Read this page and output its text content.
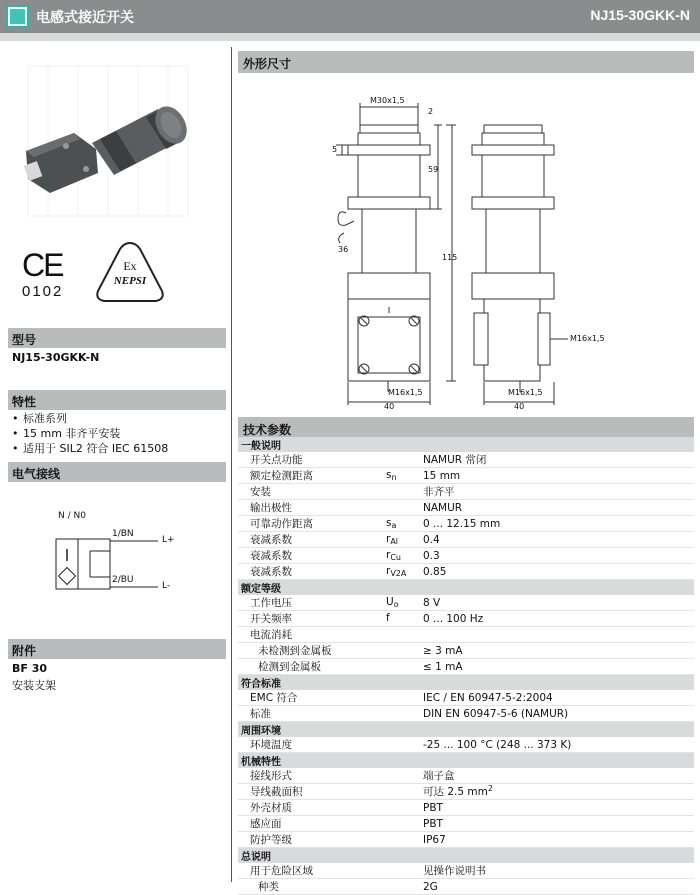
电感式接近开关	NJ15-30GKK-N
CE
0102
Ex
NEPSI
型号
NJ15-30GKK-N
特性
• 标准系列
• 15 mm 非齐平安装
• 适用于 SIL2 符合 IEC 61508
电气接线
N / N0
1/BN
2/BU
L+
L-
附件
BF 30
安装支架
外形尺寸
M30x1,5
2
5
59
36
115
M16x1,5
M16x1,5
M16x1,5
40	40
技术参数
一般说明		
开关点功能		NAMUR 常闭
额定检测距离	$s_n$	15 mm
安装		非齐平
输出极性		NAMUR
可靠动作距离	$s_a$	0 ... 12.15 mm
衰减系数	$r_{Al}$	0.4
衰减系数	$r_{Cu}$	0.3
衰减系数	$r_{V2A}$	0.85
额定等级		
工作电压	$U_o$	8 V
开关频率	f	0 ... 100 Hz
电流消耗		
未检测到金属板		≥ 3 mA
检测到金属板		≤ 1 mA
符合标准		
EMC 符合		IEC / EN 60947-5-2:2004
标准		DIN EN 60947-5-6 (NAMUR)
周围环境		
环境温度		-25 ... 100 °C (248 ... 373 K)
机械特性		
接线形式		端子盒
导线截面积		可达 2.5 $mm^2$
外壳材质		PBT
感应面		PBT
防护等级		IP67
总说明		
用于危险区域		见操作说明书
种类		2G
